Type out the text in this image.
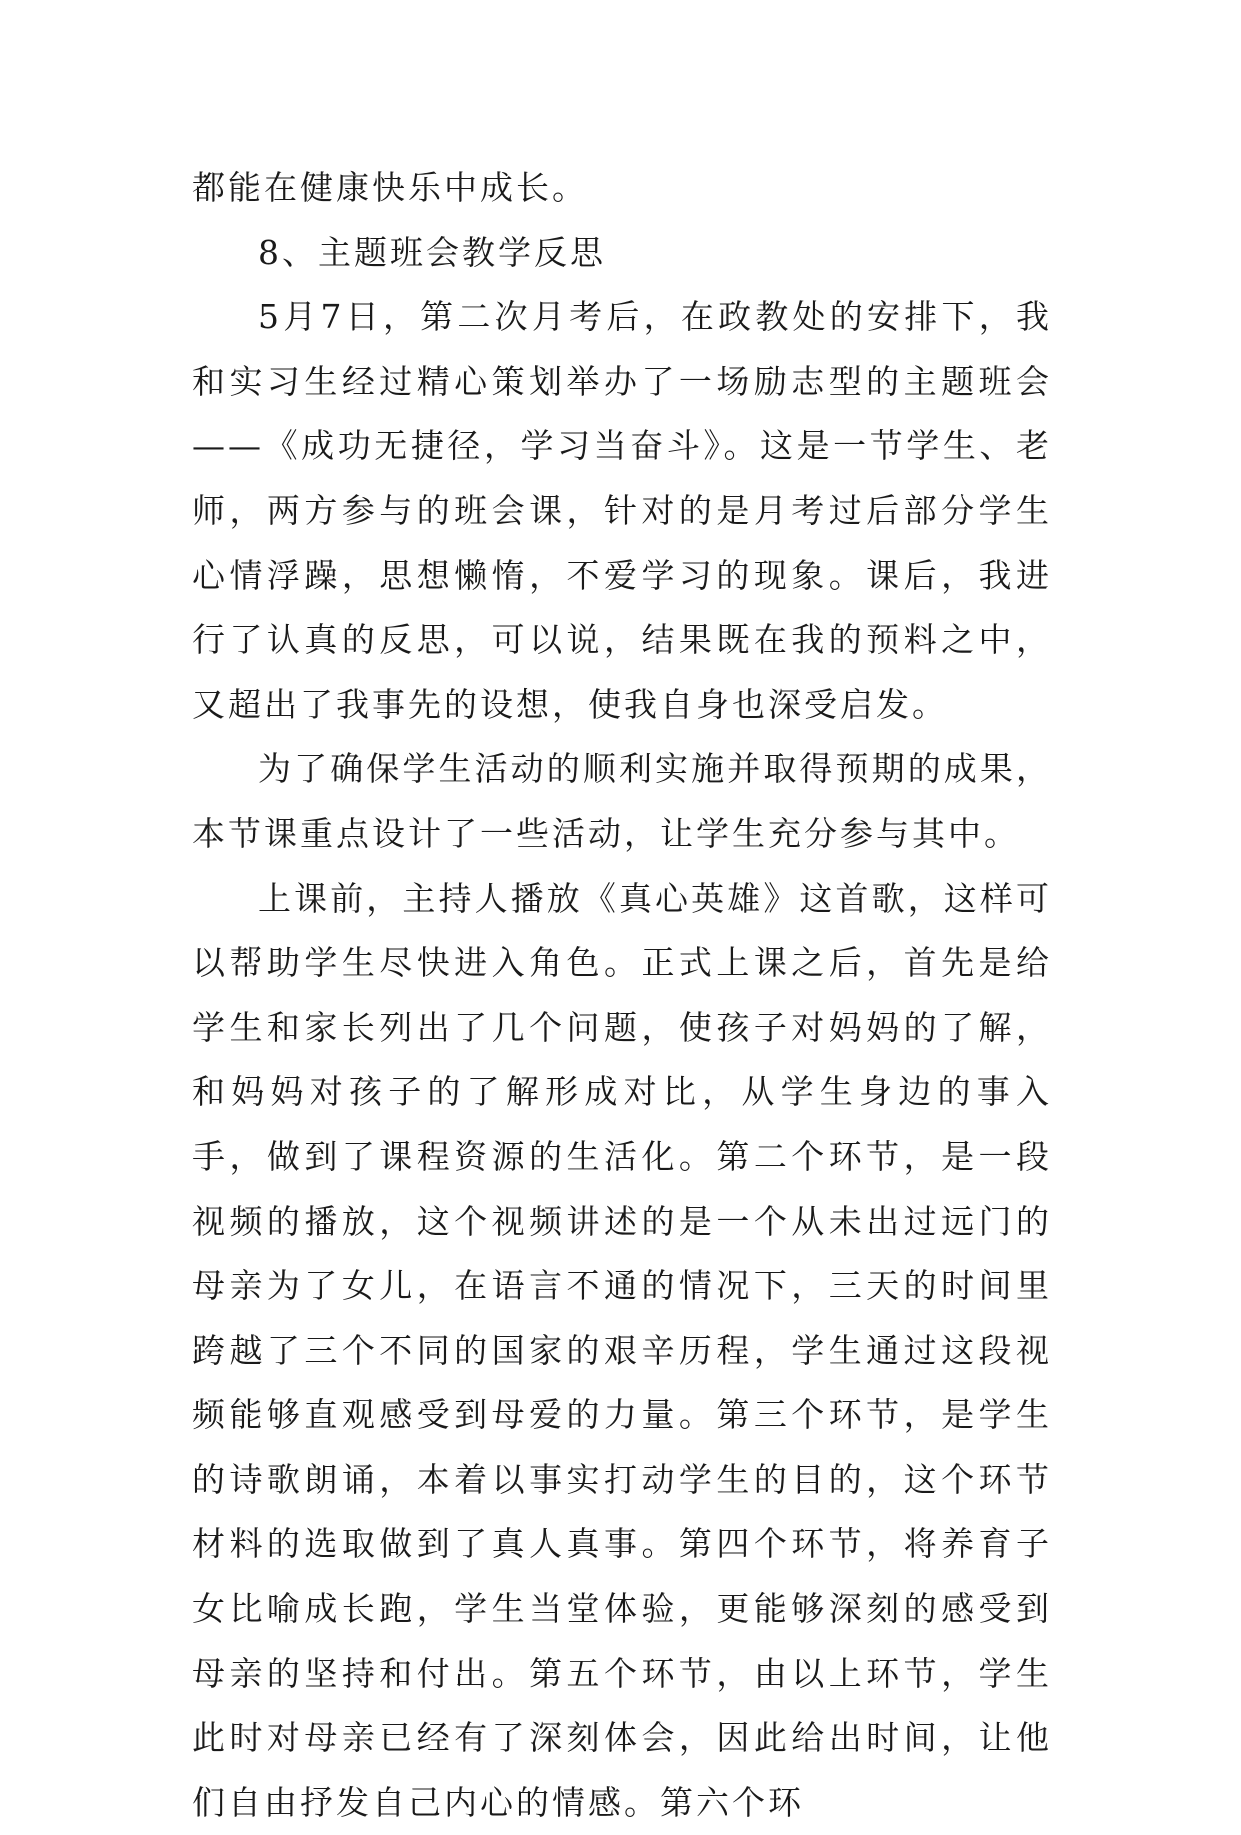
都能在健康快乐中成长。

8、主题班会教学反思

5月7日，第二次月考后，在政教处的安排下，我和实习生经过精心策划举办了一场励志型的主题班会——《成功无捷径，学习当奋斗》。这是一节学生、老师，两方参与的班会课，针对的是月考过后部分学生心情浮躁，思想懒惰，不爱学习的现象。课后，我进行了认真的反思，可以说，结果既在我的预料之中，又超出了我事先的设想，使我自身也深受启发。

为了确保学生活动的顺利实施并取得预期的成果，本节课重点设计了一些活动，让学生充分参与其中。

上课前，主持人播放《真心英雄》这首歌，这样可以帮助学生尽快进入角色。正式上课之后，首先是给学生和家长列出了几个问题，使孩子对妈妈的了解，和妈妈对孩子的了解形成对比，从学生身边的事入手，做到了课程资源的生活化。第二个环节，是一段视频的播放，这个视频讲述的是一个从未出过远门的母亲为了女儿，在语言不通的情况下，三天的时间里跨越了三个不同的国家的艰辛历程，学生通过这段视频能够直观感受到母爱的力量。第三个环节，是学生的诗歌朗诵，本着以事实打动学生的目的，这个环节材料的选取做到了真人真事。第四个环节，将养育子女比喻成长跑，学生当堂体验，更能够深刻的感受到母亲的坚持和付出。第五个环节，由以上环节，学生此时对母亲已经有了深刻体会，因此给出时间，让他们自由抒发自己内心的情感。第六个环
